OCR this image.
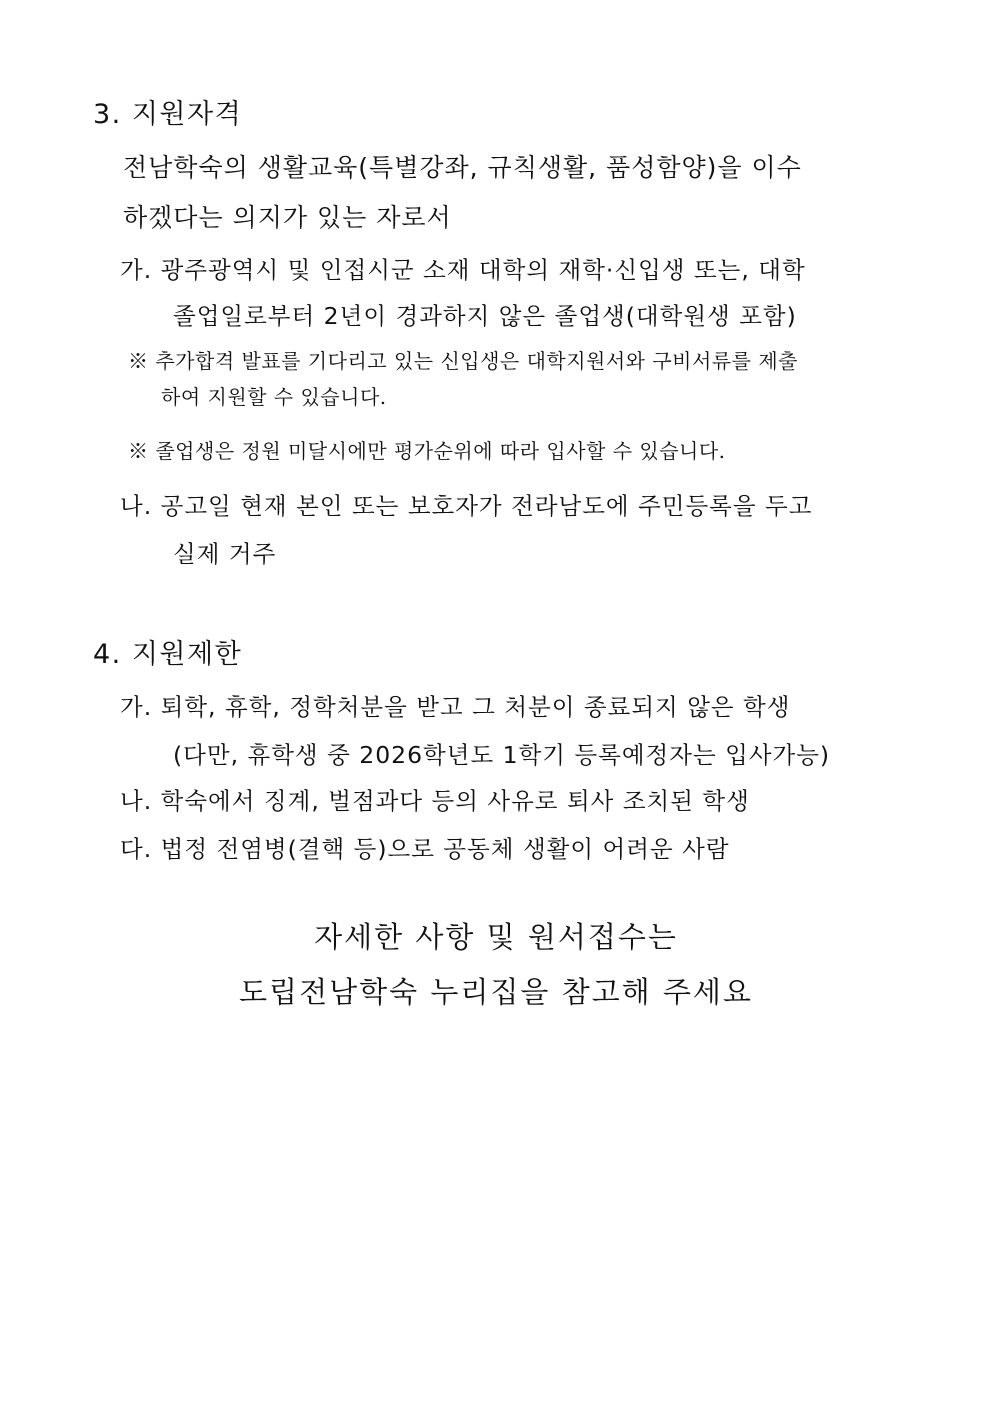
3. 지원자격
전남학숙의 생활교육(특별강좌, 규칙생활, 품성함양)을 이수
하겠다는 의지가 있는 자로서
가. 광주광역시 및 인접시군 소재 대학의 재학·신입생 또는, 대학
졸업일로부터 2년이 경과하지 않은 졸업생(대학원생 포함)
※ 추가합격 발표를 기다리고 있는 신입생은 대학지원서와 구비서류를 제출
하여 지원할 수 있습니다.
※ 졸업생은 정원 미달시에만 평가순위에 따라 입사할 수 있습니다.
나. 공고일 현재 본인 또는 보호자가 전라남도에 주민등록을 두고
실제 거주
4. 지원제한
가. 퇴학, 휴학, 정학처분을 받고 그 처분이 종료되지 않은 학생
(다만, 휴학생 중 2026학년도 1학기 등록예정자는 입사가능)
나. 학숙에서 징계, 벌점과다 등의 사유로 퇴사 조치된 학생
다. 법정 전염병(결핵 등)으로 공동체 생활이 어려운 사람
자세한 사항 및 원서접수는
도립전남학숙 누리집을 참고해 주세요
